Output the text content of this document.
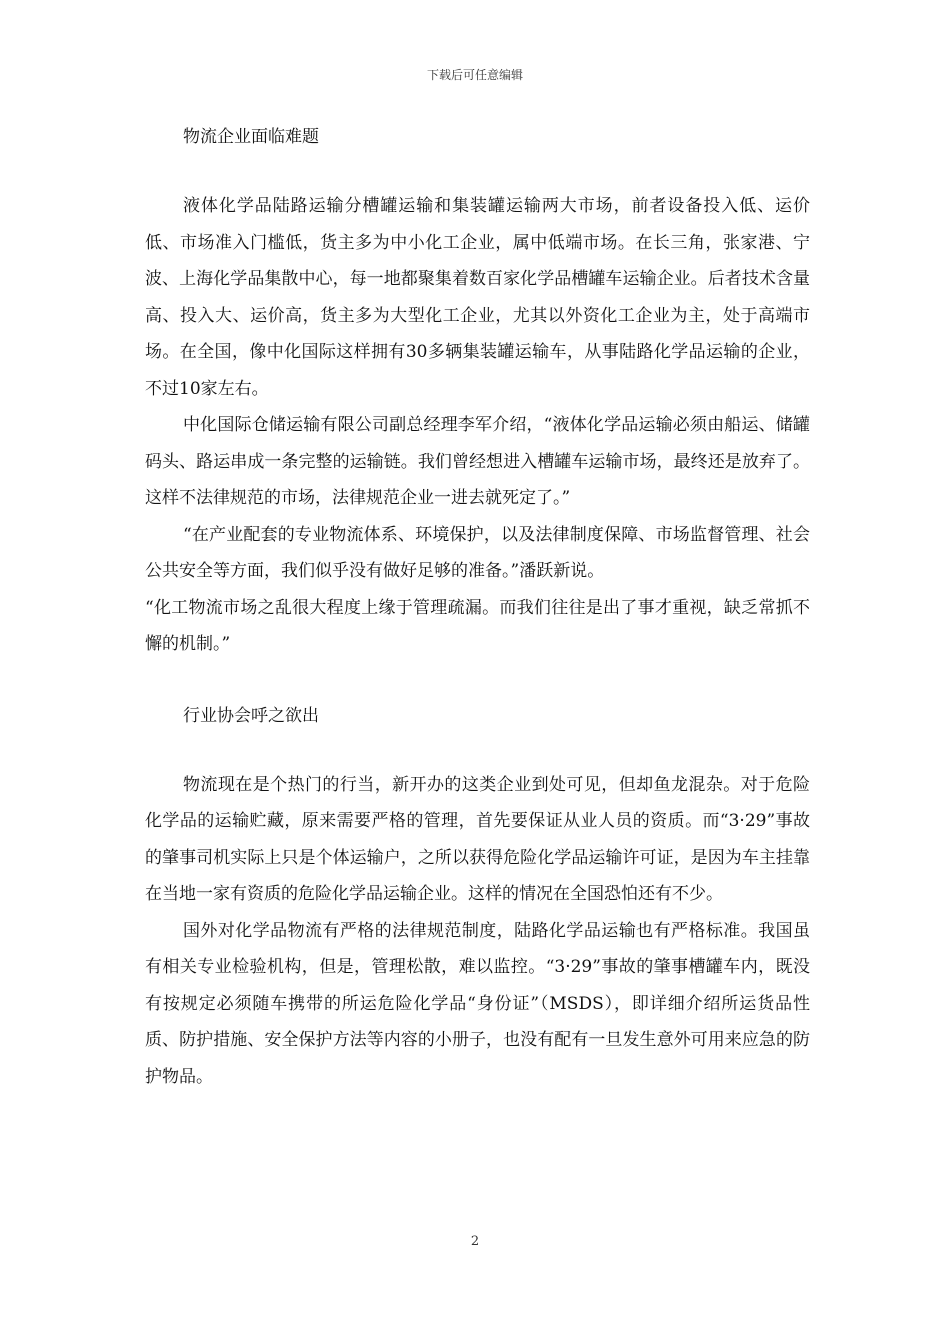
下载后可任意编辑

物流企业面临难题

液体化学品陆路运输分槽罐运输和集装罐运输两大市场，前者设备投入低、运价低、市场准入门槛低，货主多为中小化工企业，属中低端市场。在长三角，张家港、宁波、上海化学品集散中心，每一地都聚集着数百家化学品槽罐车运输企业。后者技术含量高、投入大、运价高，货主多为大型化工企业，尤其以外资化工企业为主，处于高端市场。在全国，像中化国际这样拥有30多辆集装罐运输车，从事陆路化学品运输的企业，不过10家左右。

中化国际仓储运输有限公司副总经理李军介绍，“液体化学品运输必须由船运、储罐码头、路运串成一条完整的运输链。我们曾经想进入槽罐车运输市场，最终还是放弃了。这样不法律规范的市场，法律规范企业一进去就死定了。”

“在产业配套的专业物流体系、环境保护，以及法律制度保障、市场监督管理、社会公共安全等方面，我们似乎没有做好足够的准备。”潘跃新说。

“化工物流市场之乱很大程度上缘于管理疏漏。而我们往往是出了事才重视，缺乏常抓不懈的机制。”

行业协会呼之欲出

物流现在是个热门的行当，新开办的这类企业到处可见，但却鱼龙混杂。对于危险化学品的运输贮藏，原来需要严格的管理，首先要保证从业人员的资质。而“3·29”事故的肇事司机实际上只是个体运输户，之所以获得危险化学品运输许可证，是因为车主挂靠在当地一家有资质的危险化学品运输企业。这样的情况在全国恐怕还有不少。

国外对化学品物流有严格的法律规范制度，陆路化学品运输也有严格标准。我国虽有相关专业检验机构，但是，管理松散，难以监控。“3·29”事故的肇事槽罐车内，既没有按规定必须随车携带的所运危险化学品“身份证”（MSDS），即详细介绍所运货品性质、防护措施、安全保护方法等内容的小册子，也没有配有一旦发生意外可用来应急的防护物品。

2
